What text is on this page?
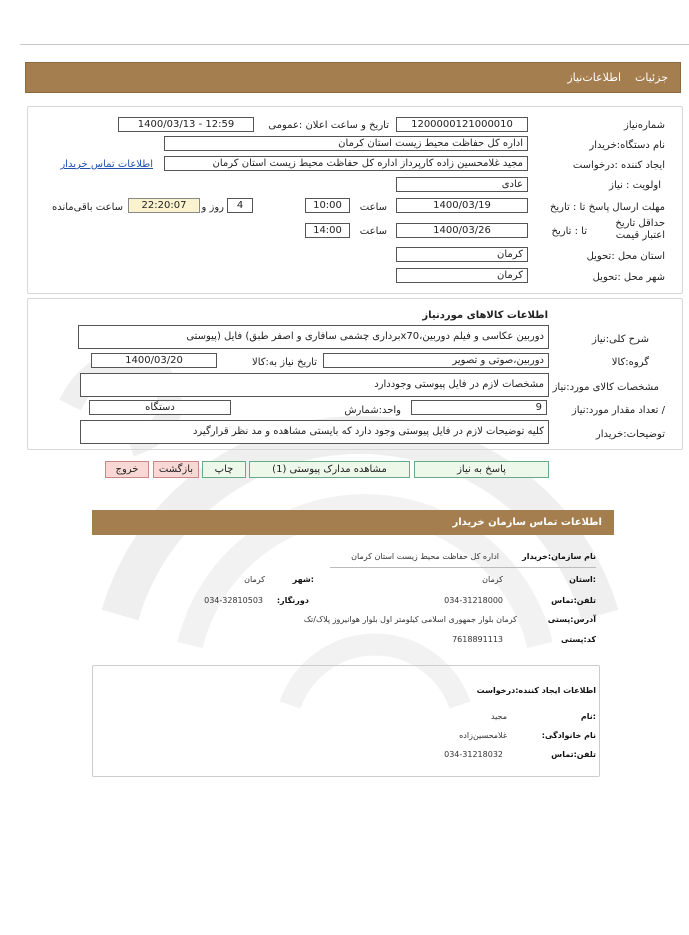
جزئیات
اطلاعات‌نیاز
شماره‌نیاز
1200000121000010
تاریخ و ساعت اعلان :عمومی
1400/03/13 - 12:59
نام دستگاه:خریدار
اداره کل حفاظت محیط زیست استان کرمان
ایجاد کننده :درخواست
مجید غلامحسین زاده کارپرداز اداره کل حفاظت محیط زیست استان کرمان
اطلاعات تماس خریدار
اولویت : نیاز
عادی
مهلت ارسال پاسخ تا : تاریخ
1400/03/19
ساعت
10:00
4
روز و
22:20:07
ساعت باقی‌مانده
حداقل تاریخ اعتبار قیمت
تا : تاریخ
1400/03/26
ساعت
14:00
استان محل :تحویل
کرمان
شهر محل :تحویل
کرمان
اطلاعات کالاهای موردنیاز
شرح کلی:نیاز
دوربین عکاسی و فیلم دوربین،x70برداری چشمی سافاری و اصفر طبق) فایل (پیوستی
گروه:کالا
دوربین،صوتی و تصویر
تاریخ نیاز به:کالا
1400/03/20
مشخصات کالای مورد:نیاز
مشخصات لازم در فایل پیوستی وجوددارد
/ تعداد مقدار مورد:نیاز
9
واحد:شمارش
دستگاه
توضیحات:خریدار
کلیه توضیحات لازم در فایل پیوستی وجود دارد که بایستی مشاهده و مد نظر قرارگیرد
پاسخ به نیاز
مشاهده مدارک پیوستی (1)
چاپ
بازگشت
خروج
اطلاعات تماس سازمان خریدار
نام سازمان:خریدار
اداره کل حفاظت محیط زیست استان کرمان
:استان
کرمان
:شهر
کرمان
تلفن:تماس
034-31218000
دورنگار:
034-32810503
آدرس:پستی
کرمان بلوار جمهوری اسلامی کیلومتر اول بلوار هوانیروز پلاک/تک
کد:پستی
7618891113
اطلاعات ایجاد کننده:درخواست
:نام
مجید
نام خانوادگی:
غلامحسین‌زاده
تلفن:تماس
034-31218032
